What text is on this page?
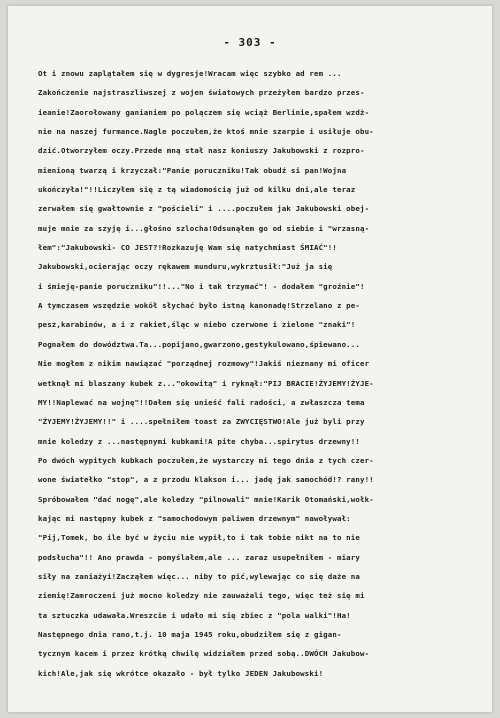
- 303 -
Ot i znowu zaplątałem się w dygresje!Wracam więc szybko ad rem ...
Zakończenie najstraszliwszej z wojen światowych przeżyłem bardzo przes-
ieanie!Zaorołowany ganianiem po polączem się wciąż Berlinie,spałem wzdż-
nie na naszej furmance.Nagle poczułem,że ktoś mnie szarpie i usiłuje obu-
dzić.Otworzyłem oczy.Przede mną stał nasz koniuszy Jakubowski z rozpro-
mienioną twarzą i krzyczał:"Panie poruczniku!Tak obudź si pan!Wojna
ukończyła!"!!Liczyłem się z tą wiadomością już od kilku dni,ale teraz
zerwałem się gwałtownie z "pościeli" i ....poczułem jak Jakubowski obej-
muje mnie za szyję i...głośno szlocha!Odsunąłem go od siebie i "wrzasną-
łem":"Jakubowski- CO JEST?!Rozkazuję Wam się natychmiast ŚMIAĆ"!!
Jakubowski,ocierając oczy rękawem munduru,wykrztusił:"Już ja się
i śmieję-panie poruczniku"!!..."No i tak trzymać"! - dodałem "groźnie"!
A tymczasem wszędzie wokół słychać było istną kanonadę!Strzelano z pe-
pesz,karabinów, a i z rakiet,śląc w niebo czerwone i zielone "znaki"!
Pognałem do dowództwa.Ta...popijano,gwarzono,gestykulowano,śpiewano...
Nie mogłem z nikim nawiązać "porządnej rozmowy"!Jakiś nieznany mi oficer
wetknął mi blaszany kubek z..."okowitą" i ryknął:"PIJ BRACIE!ŻYJEMY!ŻYJE-
MY!!Naplewać na wojnę"!!Dałem się unieść fali radości, a zwłaszcza tema
"ŻYJEMY!ŻYJEMY!!" i ....spełniłem toast za ZWYCIĘSTWO!Ale już byli przy
mnie koledzy z ...następnymi kubkami!A pite chyba...spirytus drzewny!!
Po dwóch wypitych kubkach poczułem,że wystarczy mi tego dnia z tych czer-
wone światełko "stop", a z przodu klakson i... jadę jak samochód!? rany!!
Spróbowałem "dać nogę",ale koledzy "pilnowali" mnie!Karik Otomański,wołk-
kając mi następny kubek z "samochodowym paliwem drzewnym" nawoływał:
"Pij,Tomek, bo ile być w życiu nie wypił,to i tak tobie nikt na to nie
podsłucha"!! Ano prawda - pomyślałem,ale ... zaraz usupełniłem - miary
siły na zaniażyi!Zacząłem więc... niby to pić,wylewając co się daże na
ziemię!Zamroczeni już mocno koledzy nie zauważali tego, więc też się mi
ta sztuczka udawała.Wreszcie i udało mi się zbiec z "pola walki"!Ha!
Następnego dnia rano,t.j. 10 maja 1945 roku,obudziłem się z gigan-
tycznym kacem i przez krótką chwilę widziałem przed sobą..DWÓCH Jakubow-
kich!Ale,jak się wkrótce okazało - był tylko JEDEN Jakubowski!
